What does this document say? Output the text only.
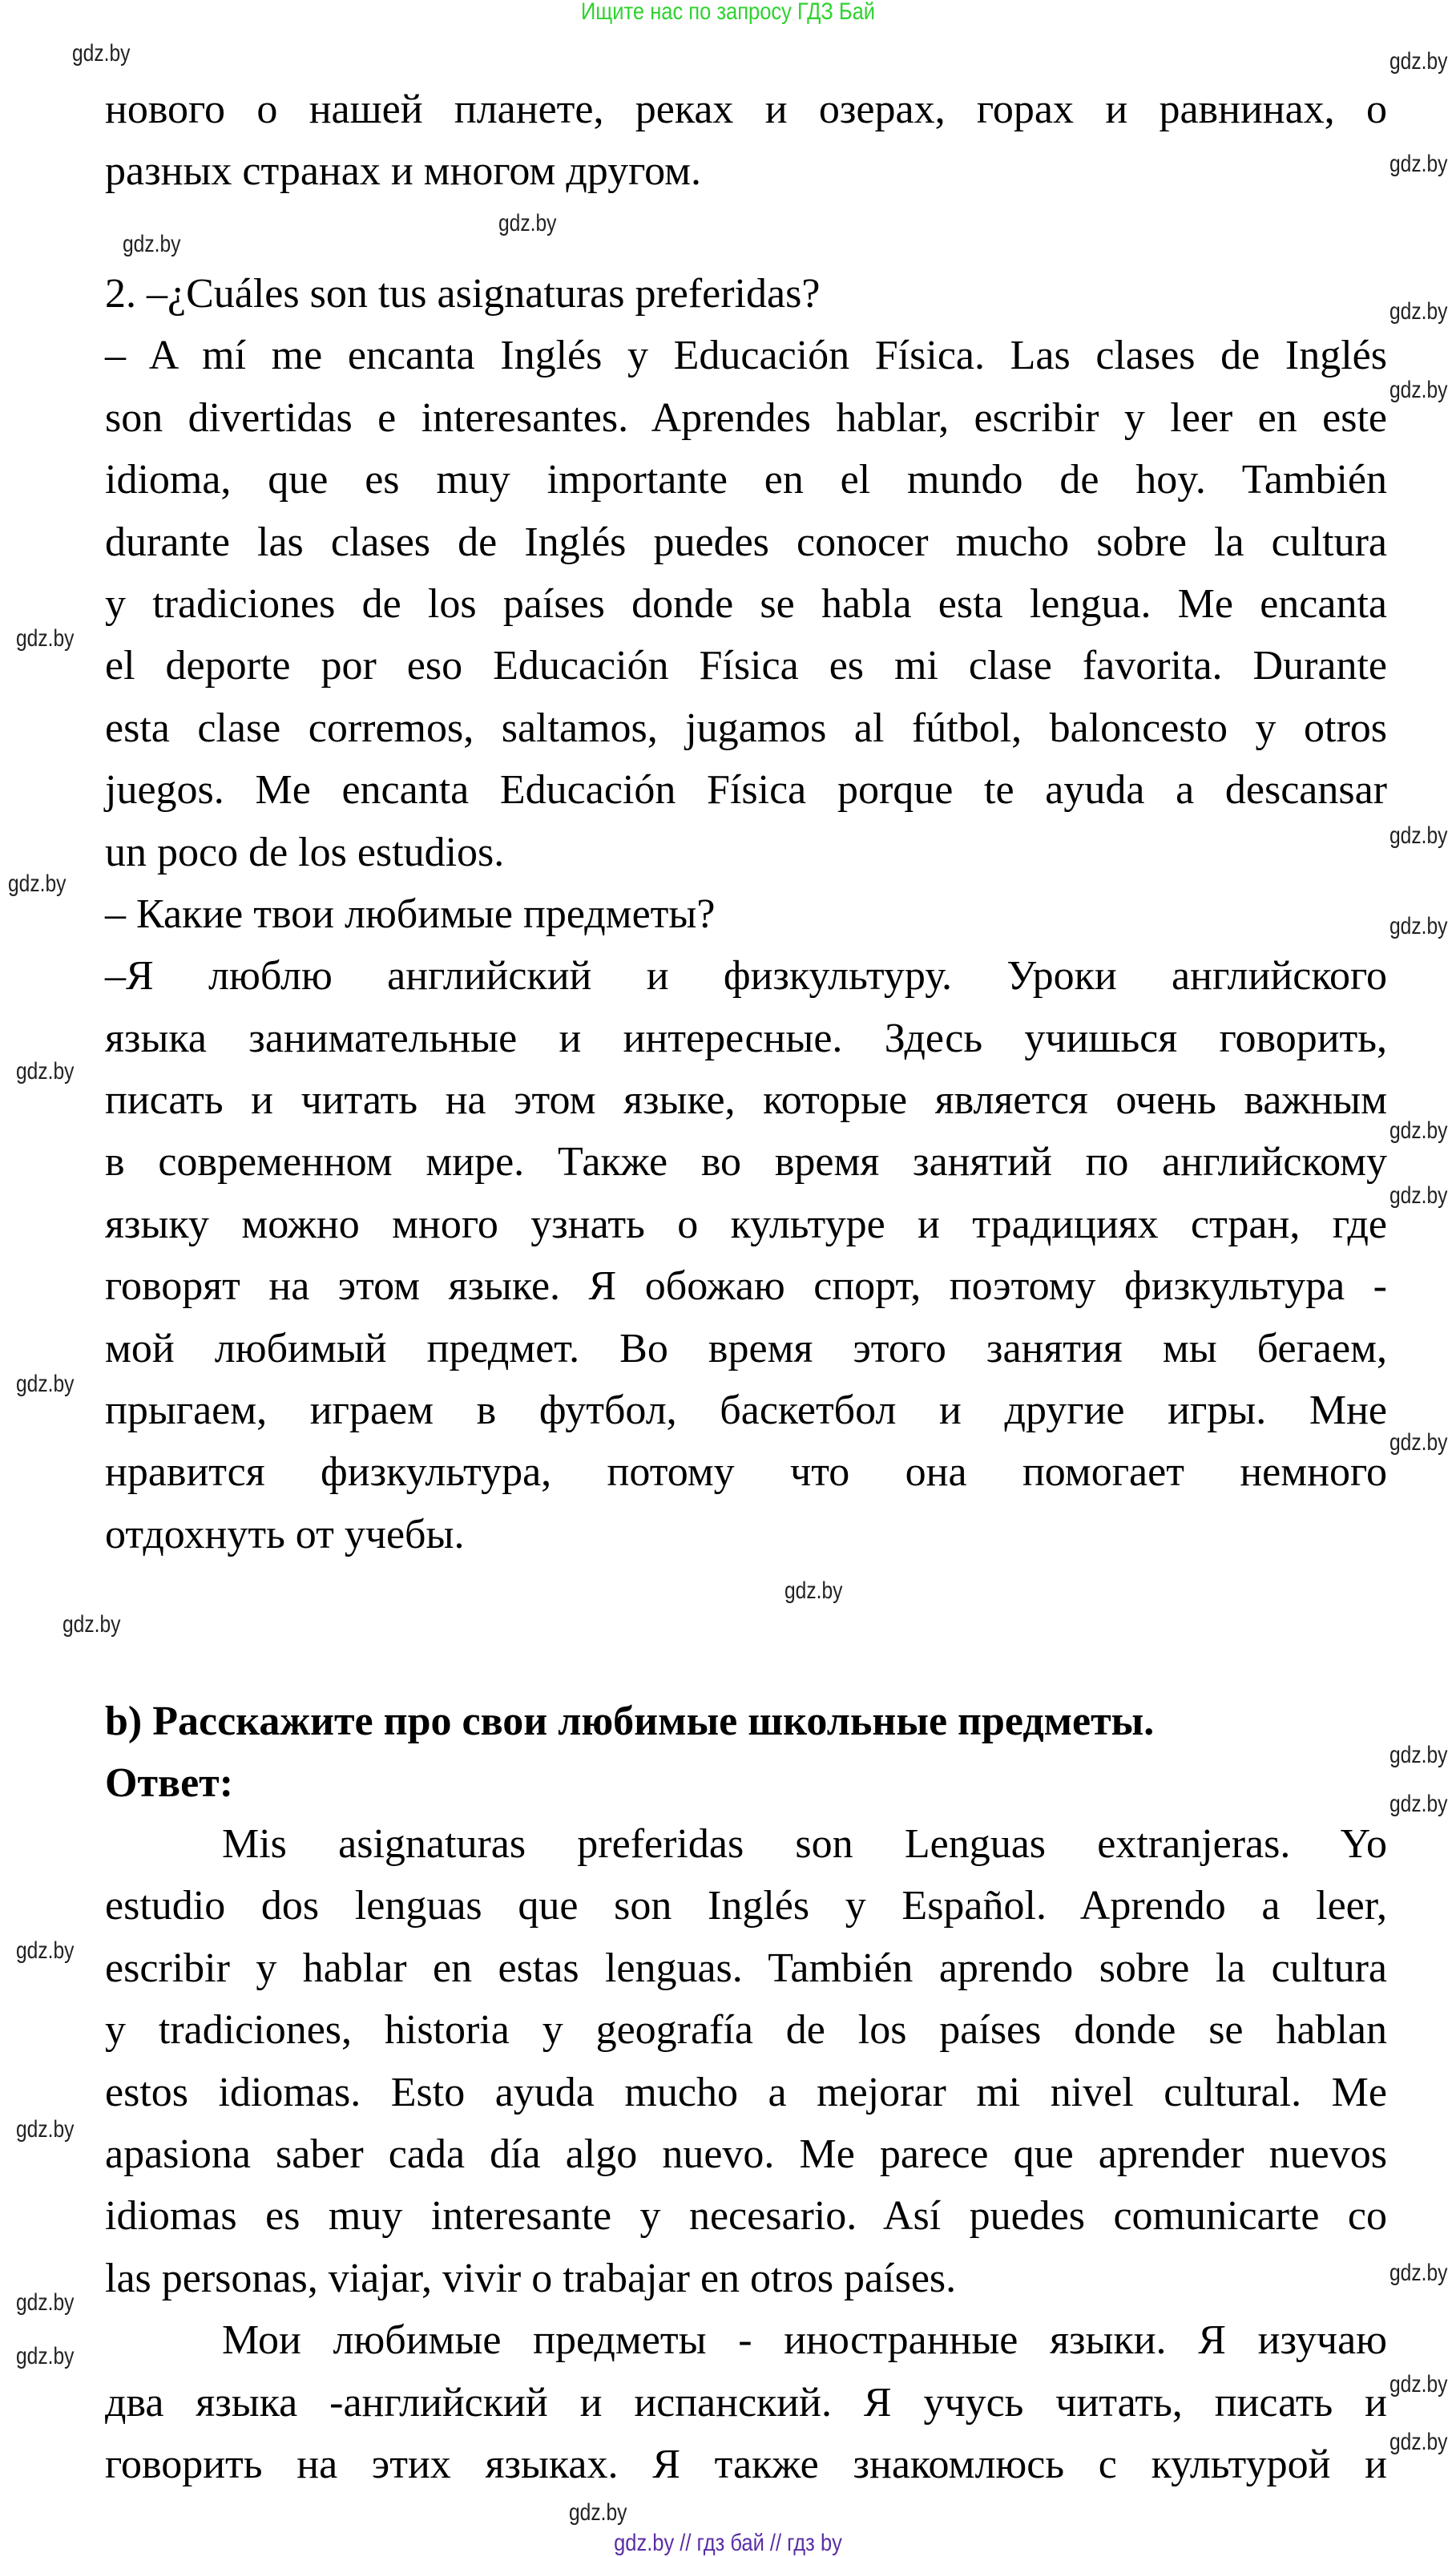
Ищите нас по запросу ГДЗ Бай
нового о нашей планете, реках и озерах, горах и равнинах, о
разных странах и многом другом.
2. –¿Cuáles son tus asignaturas preferidas?
– A mí me encanta Inglés y Educación Física. Las clases de Inglés
son divertidas e interesantes. Aprendes hablar, escribir y leer en este
idioma, que es muy importante en el mundo de hoy. También
durante las clases de Inglés puedes conocer mucho sobre la cultura
y tradiciones de los países donde se habla esta lengua. Me encanta
el deporte por eso Educación Física es mi clase favorita. Durante
esta clase corremos, saltamos, jugamos al fútbol, baloncesto y otros
juegos. Me encanta Educación Física porque te ayuda a descansar
un poco de los estudios.
– Какие твои любимые предметы?
–Я люблю английский и физкультуру. Уроки английского
языка занимательные и интересные. Здесь учишься говорить,
писать и читать на этом языке, которые является очень важным
в современном мире. Также во время занятий по английскому
языку можно много узнать о культуре и традициях стран, где
говорят на этом языке. Я обожаю спорт, поэтому физкультура -
мой любимый предмет. Во время этого занятия мы бегаем,
прыгаем, играем в футбол, баскетбол и другие игры. Мне
нравится физкультура, потому что она помогает немного
отдохнуть от учебы.
b) Расскажите про свои любимые школьные предметы.
Ответ:
Mis asignaturas preferidas son Lenguas extranjeras. Yo
estudio dos lenguas que son Inglés y Español. Aprendo a leer,
escribir y hablar en estas lenguas. También aprendo sobre la cultura
y tradiciones, historia y geografía de los países donde se hablan
estos idiomas. Esto ayuda mucho a mejorar mi nivel cultural. Me
apasiona saber cada día algo nuevo. Me parece que aprender nuevos
idiomas es muy interesante y necesario. Así puedes comunicarte co
las personas, viajar, vivir o trabajar en otros países.
Мои любимые предметы - иностранные языки. Я изучаю
два языка -английский и испанский. Я учусь читать, писать и
говорить на этих языках. Я также знакомлюсь с культурой и
gdz.by	gdz.by
gdz.by
gdz.by
gdz.by
gdz.by
gdz.by
gdz.by
gdz.by
gdz.by
gdz.by
gdz.by
gdz.by
gdz.by
gdz.by
gdz.by
gdz.by
gdz.by
gdz.by
gdz.by
gdz.by
gdz.by
gdz.by
gdz.by
gdz.by
gdz.by
gdz.by
gdz.by
gdz.by // гдз бай // гдз by
